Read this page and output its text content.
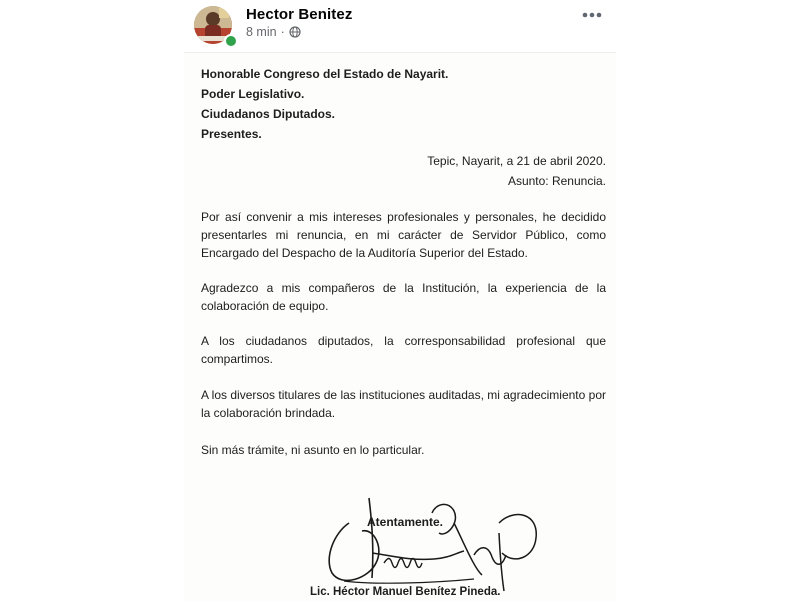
Hector Benitez
8 min ·
Honorable Congreso del Estado de Nayarit.
Poder Legislativo.
Ciudadanos Diputados.
Presentes.
Tepic, Nayarit, a 21 de abril 2020.
Asunto: Renuncia.
Por así convenir a mis intereses profesionales y personales, he decidido presentarles mi renuncia, en mi carácter de Servidor Público, como Encargado del Despacho de la Auditoría Superior del Estado.
Agradezco a mis compañeros de la Institución, la experiencia de la colaboración de equipo.
A los ciudadanos diputados, la corresponsabilidad profesional que compartimos.
A los diversos titulares de las instituciones auditadas, mi agradecimiento por la colaboración brindada.
Sin más trámite, ni asunto en lo particular.
Atentamente.
Lic. Héctor Manuel Benítez Pineda.
